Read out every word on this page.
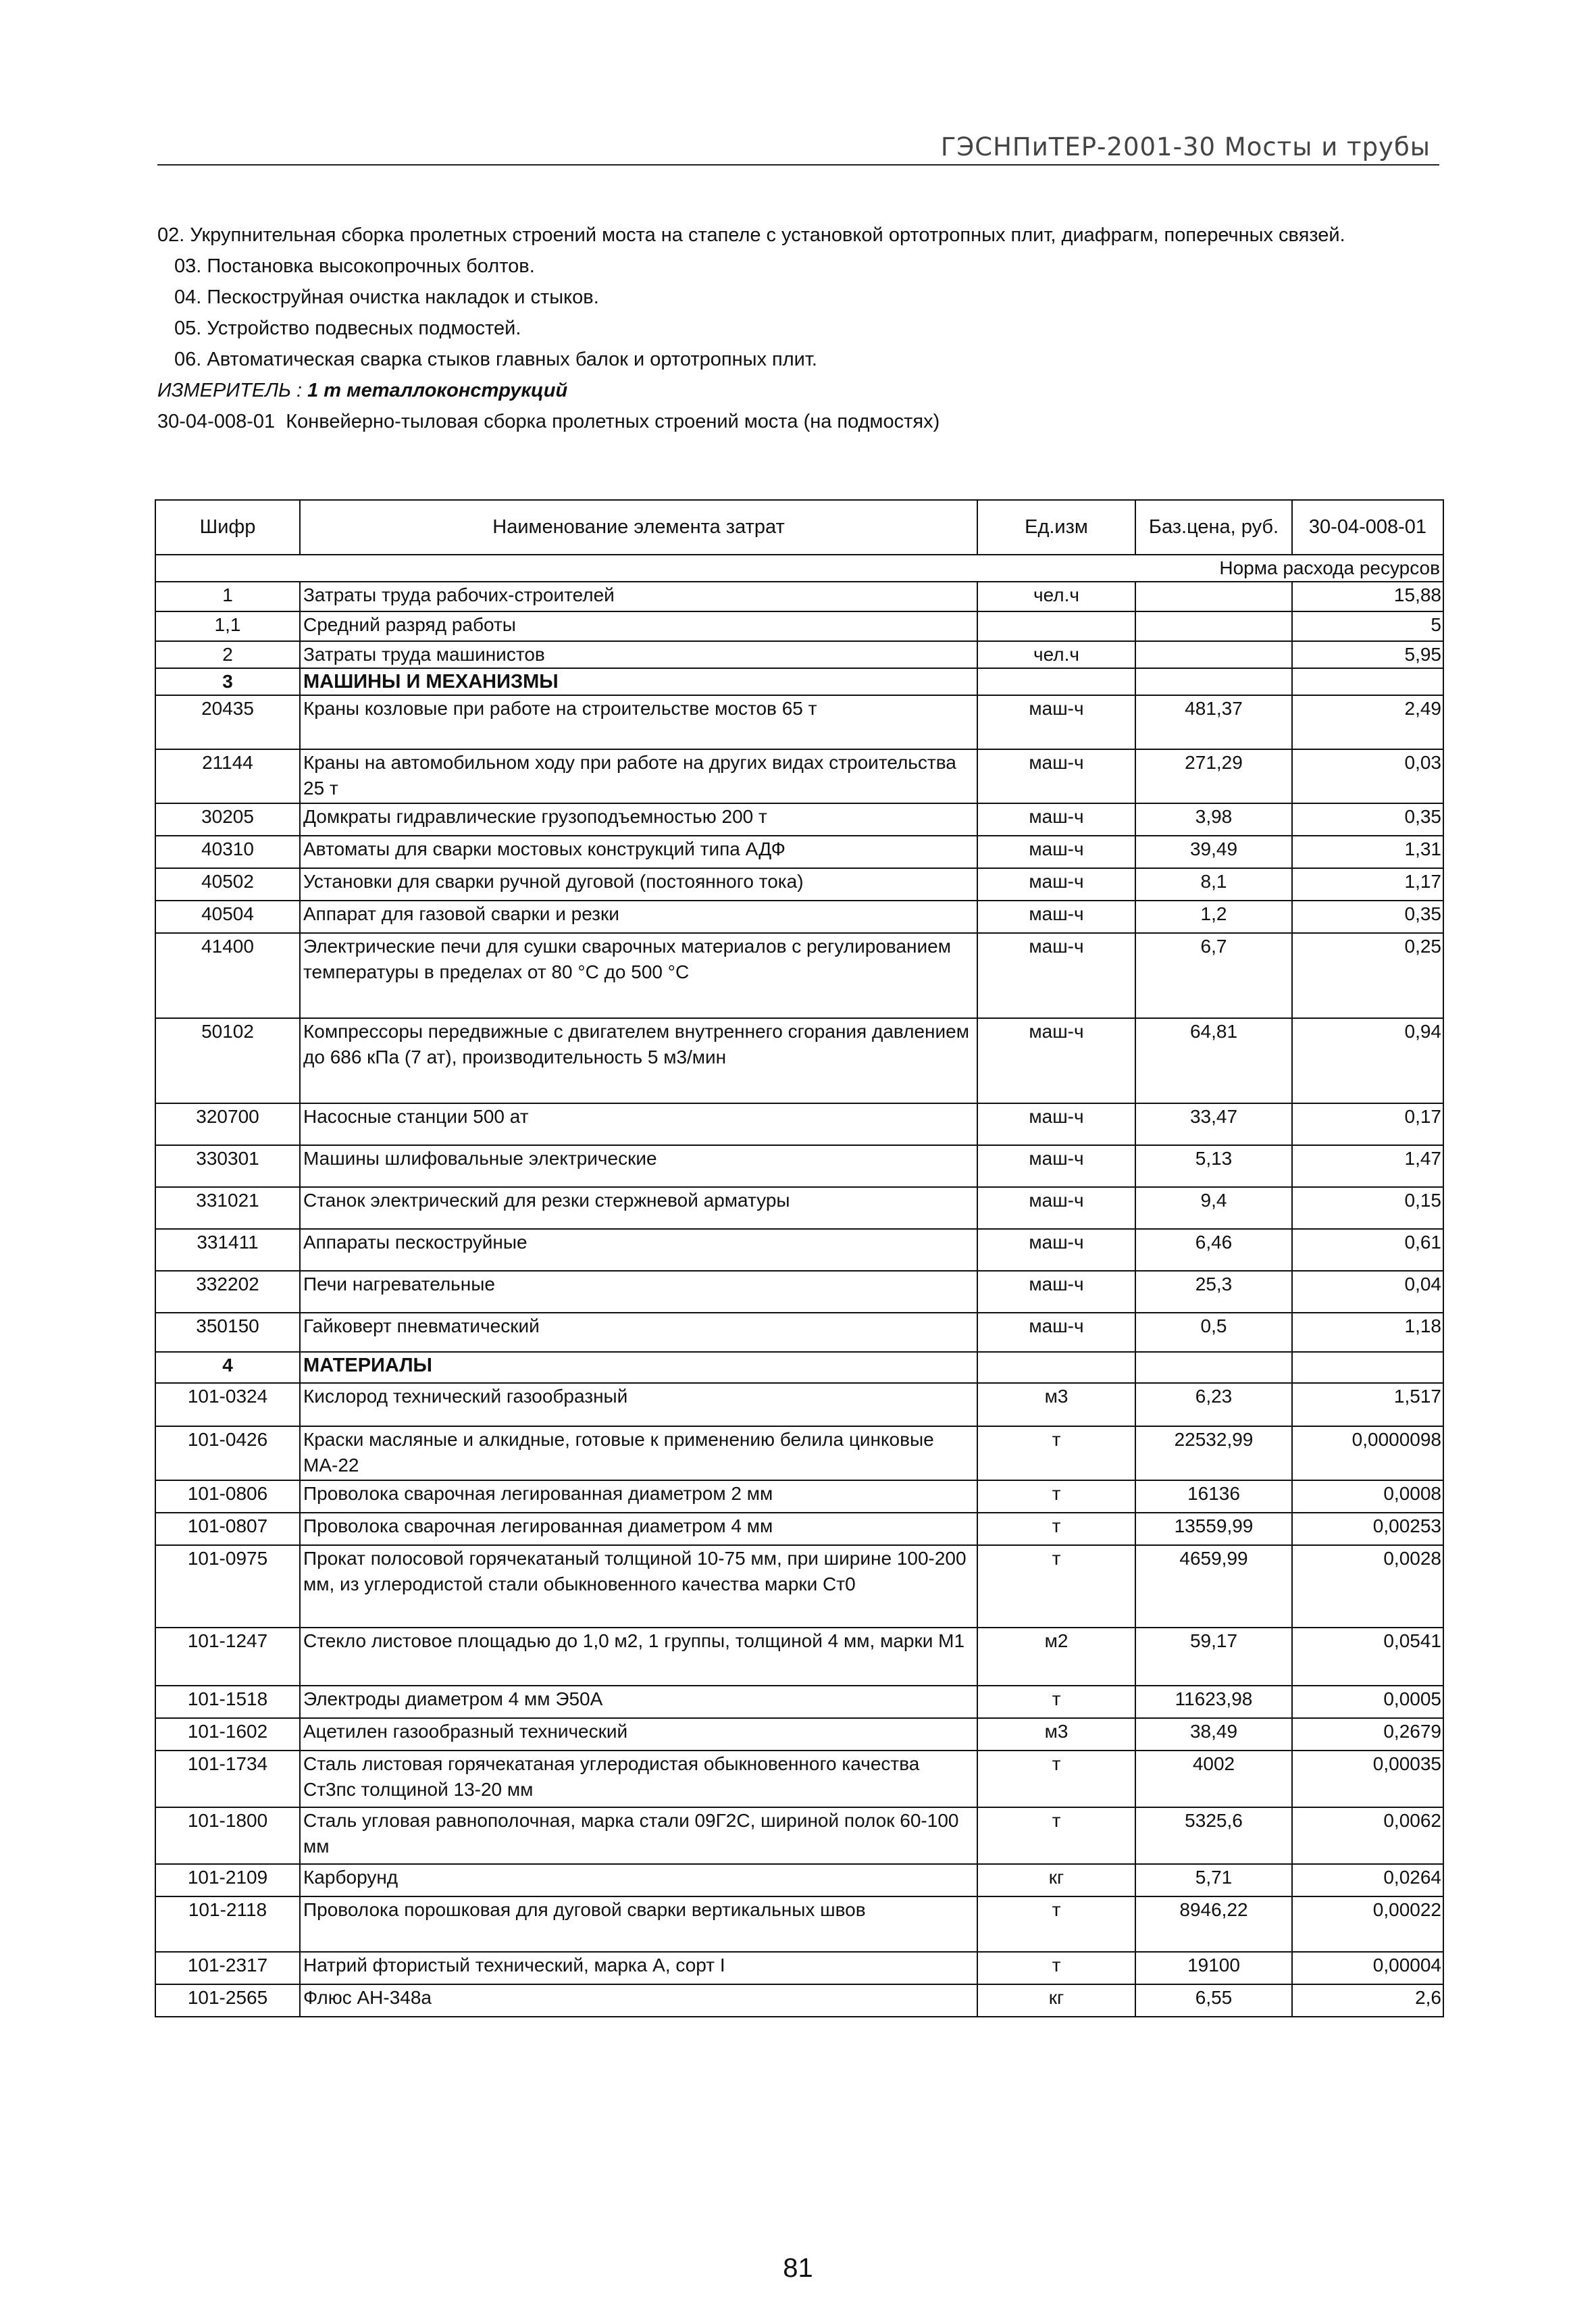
ГЭСНПиТЕР-2001-30 Мосты и трубы

02. Укрупнительная сборка пролетных строений моста на стапеле с установкой ортотропных плит, диафрагм, поперечных связей.

03. Постановка высокопрочных болтов.

04. Пескоструйная очистка накладок и стыков.

05. Устройство подвесных подмостей.

06. Автоматическая сварка стыков главных балок и ортотропных плит.

ИЗМЕРИТЕЛЬ : 1 т металлоконструкций

30-04-008-01 Конвейерно-тыловая сборка пролетных строений моста (на подмостях)

Шифр	Наименование элемента затрат	Ед.изм	Баз.цена, руб.	30-04-008-01
Норма расхода ресурсов				
1	Затраты труда рабочих-строителей	чел.ч		15,88
1,1	Средний разряд работы			5
2	Затраты труда машинистов	чел.ч		5,95
3	МАШИНЫ И МЕХАНИЗМЫ			
20435	Краны козловые при работе на строительстве мостов 65 т	маш-ч	481,37	2,49
21144	Краны на автомобильном ходу при работе на других видах строительства 25 т	маш-ч	271,29	0,03
30205	Домкраты гидравлические грузоподъемностью 200 т	маш-ч	3,98	0,35
40310	Автоматы для сварки мостовых конструкций типа АДФ	маш-ч	39,49	1,31
40502	Установки для сварки ручной дуговой (постоянного тока)	маш-ч	8,1	1,17
40504	Аппарат для газовой сварки и резки	маш-ч	1,2	0,35
41400	Электрические печи для сушки сварочных материалов с регулированием температуры в пределах от 80 °С до 500 °С	маш-ч	6,7	0,25
50102	Компрессоры передвижные с двигателем внутреннего сгорания давлением до 686 кПа (7 ат), производительность 5 м3/мин	маш-ч	64,81	0,94
320700	Насосные станции 500 ат	маш-ч	33,47	0,17
330301	Машины шлифовальные электрические	маш-ч	5,13	1,47
331021	Станок электрический для резки стержневой арматуры	маш-ч	9,4	0,15
331411	Аппараты пескоструйные	маш-ч	6,46	0,61
332202	Печи нагревательные	маш-ч	25,3	0,04
350150	Гайковерт пневматический	маш-ч	0,5	1,18
4	МАТЕРИАЛЫ			
101-0324	Кислород технический газообразный	м3	6,23	1,517
101-0426	Краски масляные и алкидные, готовые к применению белила цинковые МА-22	т	22532,99	0,0000098
101-0806	Проволока сварочная легированная диаметром 2 мм	т	16136	0,0008
101-0807	Проволока сварочная легированная диаметром 4 мм	т	13559,99	0,00253
101-0975	Прокат полосовой горячекатаный толщиной 10-75 мм, при ширине 100-200 мм, из углеродистой стали обыкновенного качества марки Ст0	т	4659,99	0,0028
101-1247	Стекло листовое площадью до 1,0 м2, 1 группы, толщиной 4 мм, марки М1	м2	59,17	0,0541
101-1518	Электроды диаметром 4 мм Э50А	т	11623,98	0,0005
101-1602	Ацетилен газообразный технический	м3	38,49	0,2679
101-1734	Сталь листовая горячекатаная углеродистая обыкновенного качества Ст3пс толщиной 13-20 мм	т	4002	0,00035
101-1800	Сталь угловая равнополочная, марка стали 09Г2С, шириной полок 60-100 мм	т	5325,6	0,0062
101-2109	Карборунд	кг	5,71	0,0264
101-2118	Проволока порошковая для дуговой сварки вертикальных швов	т	8946,22	0,00022
101-2317	Натрий фтористый технический, марка А, сорт I	т	19100	0,00004
101-2565	Флюс АН-348а	кг	6,55	2,6
81
